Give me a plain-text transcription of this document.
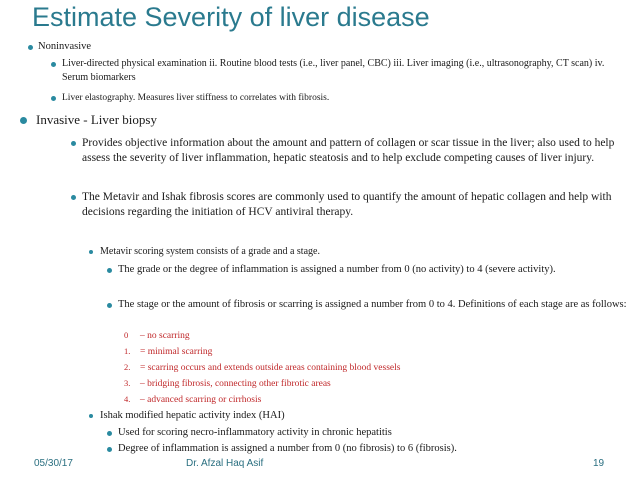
Estimate Severity of liver disease
Noninvasive
Liver-directed physical examination ii. Routine blood tests (i.e., liver panel, CBC) iii. Liver imaging (i.e., ultrasonography, CT scan) iv. Serum biomarkers
Liver elastography. Measures liver stiffness to correlates with fibrosis.
Invasive - Liver biopsy
Provides objective information about the amount and pattern of collagen or scar tissue in the liver; also used to help assess the severity of liver inflammation, hepatic steatosis and to help exclude competing causes of liver injury.
The Metavir and Ishak fibrosis scores are commonly used to quantify the amount of hepatic collagen and help with decisions regarding the initiation of HCV antiviral therapy.
Metavir scoring system consists of a grade and a stage.
The grade or the degree of inflammation is assigned a number from 0 (no activity) to 4 (severe activity).
The stage or the amount of fibrosis or scarring is assigned a number from 0 to 4. Definitions of each stage are as follows:
0 – no scarring
1. = minimal scarring
2. = scarring occurs and extends outside areas containing blood vessels
3. – bridging fibrosis, connecting other fibrotic areas
4. – advanced scarring or cirrhosis
Ishak modified hepatic activity index (HAI)
Used for scoring necro-inflammatory activity in chronic hepatitis
Degree of inflammation is assigned a number from 0 (no fibrosis) to 6 (fibrosis).
05/30/17	Dr. Afzal Haq Asif	19
